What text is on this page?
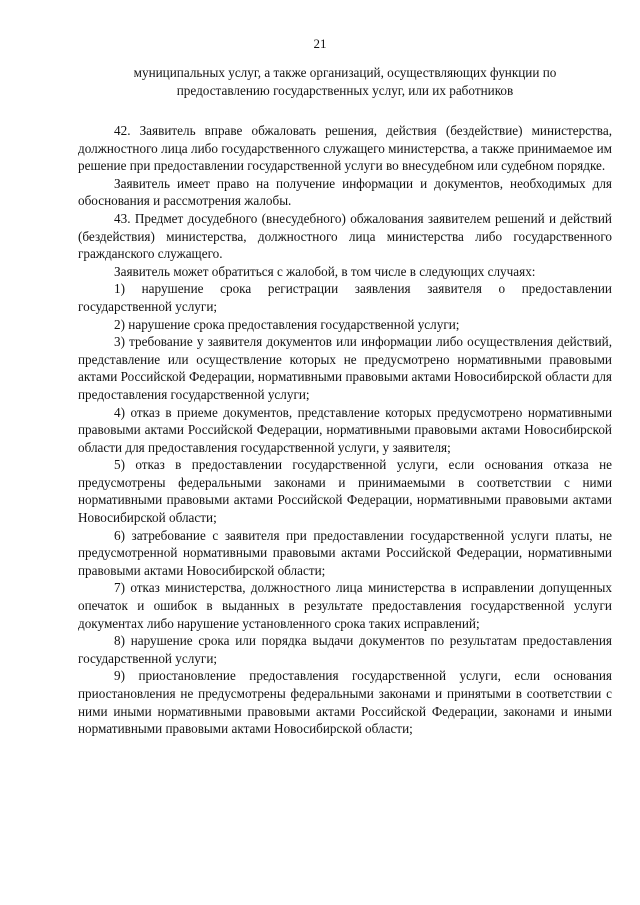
21
муниципальных услуг, а также организаций, осуществляющих функции по
предоставлению государственных услуг, или их работников

42. Заявитель вправе обжаловать решения, действия (бездействие) министерства, должностного лица либо государственного служащего министерства, а также принимаемое им решение при предоставлении государственной услуги во внесудебном или судебном порядке.

Заявитель имеет право на получение информации и документов, необходимых для обоснования и рассмотрения жалобы.

43. Предмет досудебного (внесудебного) обжалования заявителем решений и действий (бездействия) министерства, должностного лица министерства либо государственного гражданского служащего.

Заявитель может обратиться с жалобой, в том числе в следующих случаях:

1) нарушение срока регистрации заявления заявителя о предоставлении государственной услуги;

2) нарушение срока предоставления государственной услуги;

3) требование у заявителя документов или информации либо осуществления действий, представление или осуществление которых не предусмотрено нормативными правовыми актами Российской Федерации, нормативными правовыми актами Новосибирской области для предоставления государственной услуги;

4) отказ в приеме документов, представление которых предусмотрено нормативными правовыми актами Российской Федерации, нормативными правовыми актами Новосибирской области для предоставления государственной услуги, у заявителя;

5) отказ в предоставлении государственной услуги, если основания отказа не предусмотрены федеральными законами и принимаемыми в соответствии с ними нормативными правовыми актами Российской Федерации, нормативными правовыми актами Новосибирской области;

6) затребование с заявителя при предоставлении государственной услуги платы, не предусмотренной нормативными правовыми актами Российской Федерации, нормативными правовыми актами Новосибирской области;

7) отказ министерства, должностного лица министерства в исправлении допущенных опечаток и ошибок в выданных в результате предоставления государственной услуги документах либо нарушение установленного срока таких исправлений;

8) нарушение срока или порядка выдачи документов по результатам предоставления государственной услуги;

9) приостановление предоставления государственной услуги, если основания приостановления не предусмотрены федеральными законами и принятыми в соответствии с ними иными нормативными правовыми актами Российской Федерации, законами и иными нормативными правовыми актами Новосибирской области;
